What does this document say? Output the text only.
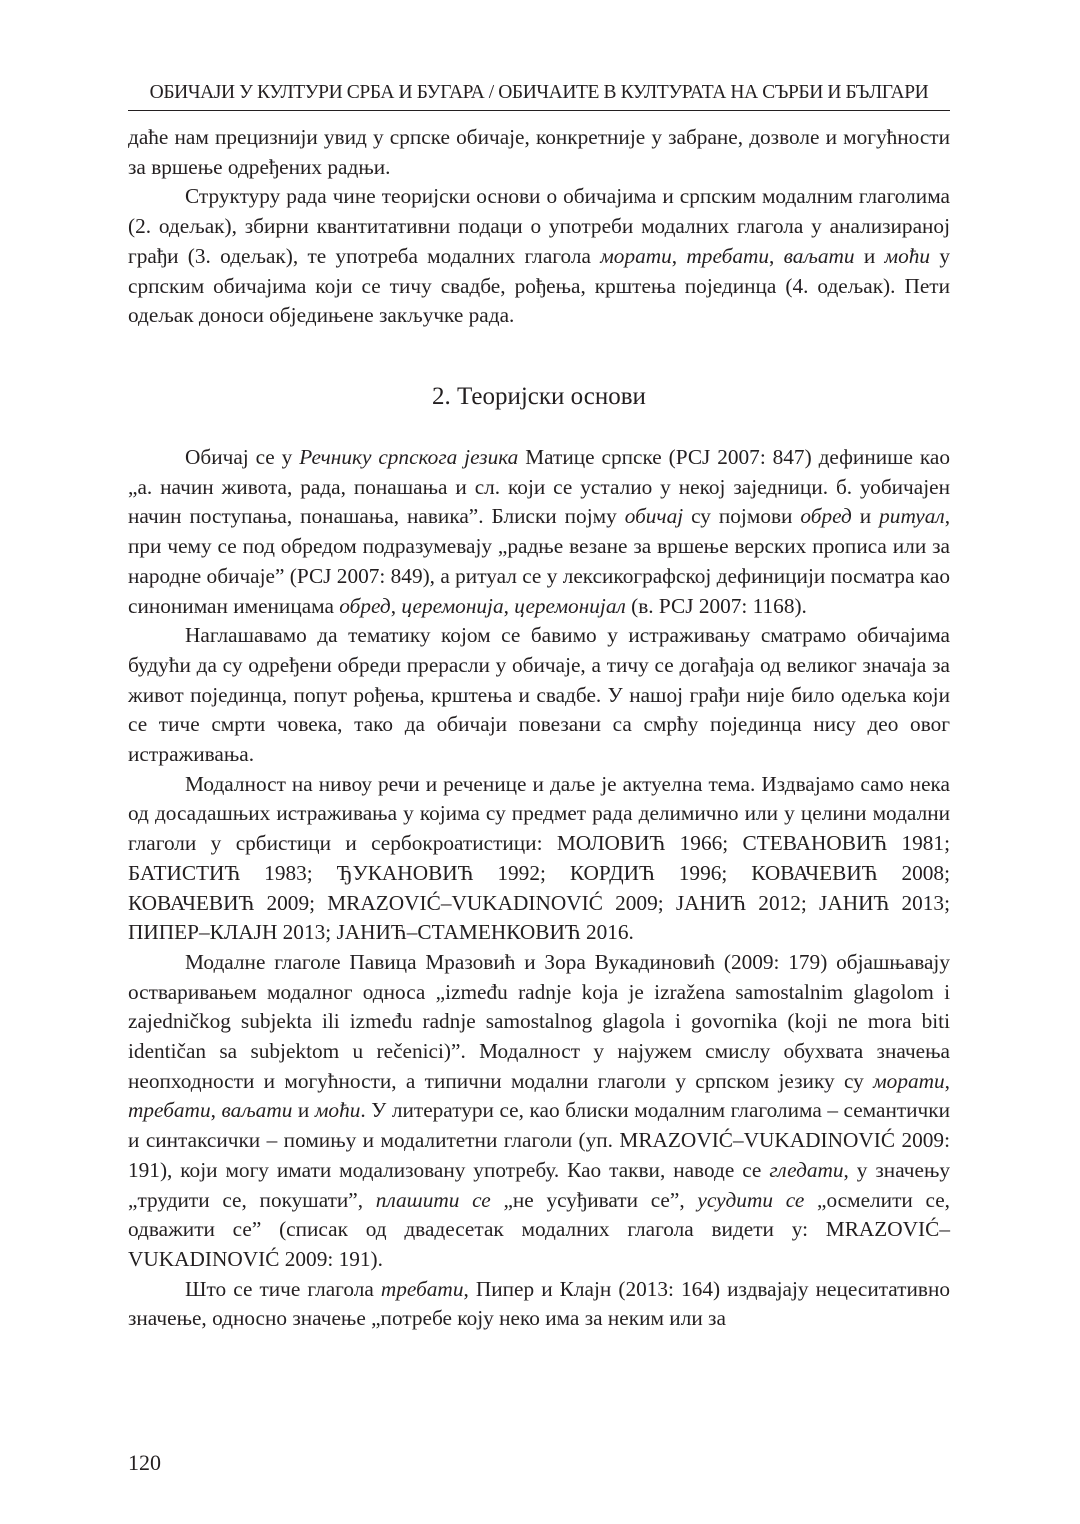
ОБИЧАЈИ У КУЛТУРИ СРБА И БУГАРА / ОБИЧАИТЕ В КУЛТУРАТА НА СЪРБИ И БЪЛГАРИ

даће нам прецизнији увид у српске обичаје, конкретније у забране, дозволе и могућности за вршење одређених радњи.

Структуру рада чине теоријски основи о обичајима и српским модалним глаголима (2. одељак), збирни квантитативни подаци о употреби модалних глагола у анализираној грађи (3. одељак), те употреба модалних глагола морати, требати, ваљати и моћи у српским обичајима који се тичу свадбе, рођења, крштења појединца (4. одељак). Пети одељак доноси обједињене закључке рада.

2. Теоријски основи

Обичај се у Речнику српскога језика Матице српске (РСЈ 2007: 847) дефинише као „а. начин живота, рада, понашања и сл. који се усталио у некој заједници. б. уобичајен начин поступања, понашања, навика”. Блиски појму обичај су појмови обред и ритуал, при чему се под обредом подразумевају „радње везане за вршење верских прописа или за народне обичаје” (РСЈ 2007: 849), а ритуал се у лексикографској дефиницији посматра као синониман именицама обред, церемонија, церемонијал (в. РСЈ 2007: 1168).

Наглашавамо да тематику којом се бавимо у истраживању сматрамо обичајима будући да су одређени обреди прерасли у обичаје, а тичу се догађаја од великог значаја за живот појединца, попут рођења, крштења и свадбе. У нашој грађи није било одељка који се тиче смрти човека, тако да обичаји повезани са смрћу појединца нису део овог истраживања.

Модалност на нивоу речи и реченице и даље је актуелна тема. Издвајамо само нека од досадашњих истраживања у којима су предмет рада делимично или у целини модални глаголи у србистици и сербокроатистици: МОЛОВИЋ 1966; СТЕВАНОВИЋ 1981; БАТИСТИЋ 1983; ЂУКАНОВИЋ 1992; КОРДИЋ 1996; КОВАЧЕВИЋ 2008; КОВАЧЕВИЋ 2009; MRAZOVIĆ–VUKADINOVIĆ 2009; ЈАНИЋ 2012; ЈАНИЋ 2013; ПИПЕР–КЛАЈН 2013; ЈАНИЋ–СТАМЕНКОВИЋ 2016.

Модалне глаголе Павица Мразовић и Зора Вукадиновић (2009: 179) објашњавају остваривањем модалног односа „između radnje koja je izražena samostalnim glagolom i zajedničkog subjekta ili između radnje samostalnog glagola i govornika (koji ne mora biti identičan sa subjektom u rečenici)”. Модалност у најужем смислу обухвата значења неопходности и могућности, а типични модални глаголи у српском језику су морати, требати, ваљати и моћи. У литератури се, као блиски модалним глаголима – семантички и синтаксички – помињу и модалитетни глаголи (уп. MRAZOVIĆ–VUKADINOVIĆ 2009: 191), који могу имати модализовану употребу. Као такви, наводе се гледати, у значењу „трудити се, покушати”, плашити се „не усуђивати се”, усудити се „осмелити се, одважити се” (списак од двадесетак модалних глагола видети у: MRAZOVIĆ–VUKADINOVIĆ 2009: 191).

Што се тиче глагола требати, Пипер и Клајн (2013: 164) издвајају нецеситативно значење, односно значење „потребе коју неко има за неким или за

120
